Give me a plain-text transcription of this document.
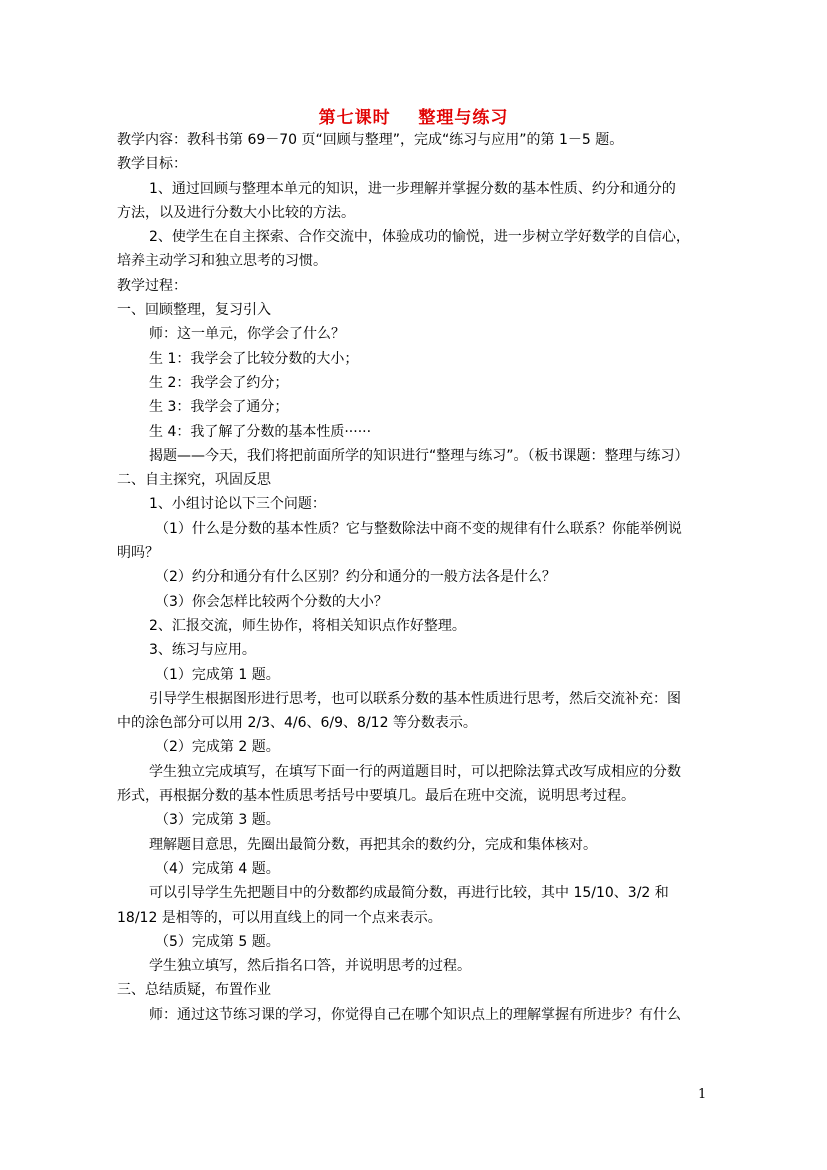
第七课时    整理与练习
教学内容：教科书第 69－70 页“回顾与整理”，完成“练习与应用”的第 1－5 题。
教学目标：
1、通过回顾与整理本单元的知识，进一步理解并掌握分数的基本性质、约分和通分的
方法，以及进行分数大小比较的方法。
2、使学生在自主探索、合作交流中，体验成功的愉悦，进一步树立学好数学的自信心，
培养主动学习和独立思考的习惯。
教学过程：
一、回顾整理，复习引入
师：这一单元，你学会了什么？
生 1：我学会了比较分数的大小；
生 2：我学会了约分；
生 3：我学会了通分；
生 4：我了解了分数的基本性质······
揭题——今天，我们将把前面所学的知识进行“整理与练习”。（板书课题：整理与练习）
二、自主探究，巩固反思
1、小组讨论以下三个问题：
（1）什么是分数的基本性质？它与整数除法中商不变的规律有什么联系？你能举例说
明吗？
（2）约分和通分有什么区别？约分和通分的一般方法各是什么？
（3）你会怎样比较两个分数的大小？
2、汇报交流，师生协作，将相关知识点作好整理。
3、练习与应用。
（1）完成第 1 题。
引导学生根据图形进行思考，也可以联系分数的基本性质进行思考，然后交流补充：图
中的涂色部分可以用 2/3、4/6、6/9、8/12 等分数表示。
（2）完成第 2 题。
学生独立完成填写，在填写下面一行的两道题目时，可以把除法算式改写成相应的分数
形式，再根据分数的基本性质思考括号中要填几。最后在班中交流，说明思考过程。
（3）完成第 3 题。
理解题目意思，先圈出最简分数，再把其余的数约分，完成和集体核对。
（4）完成第 4 题。
可以引导学生先把题目中的分数都约成最简分数，再进行比较，其中 15/10、3/2 和
18/12 是相等的，可以用直线上的同一个点来表示。
（5）完成第 5 题。
学生独立填写，然后指名口答，并说明思考的过程。
三、总结质疑，布置作业
师：通过这节练习课的学习，你觉得自己在哪个知识点上的理解掌握有所进步？有什么
1
